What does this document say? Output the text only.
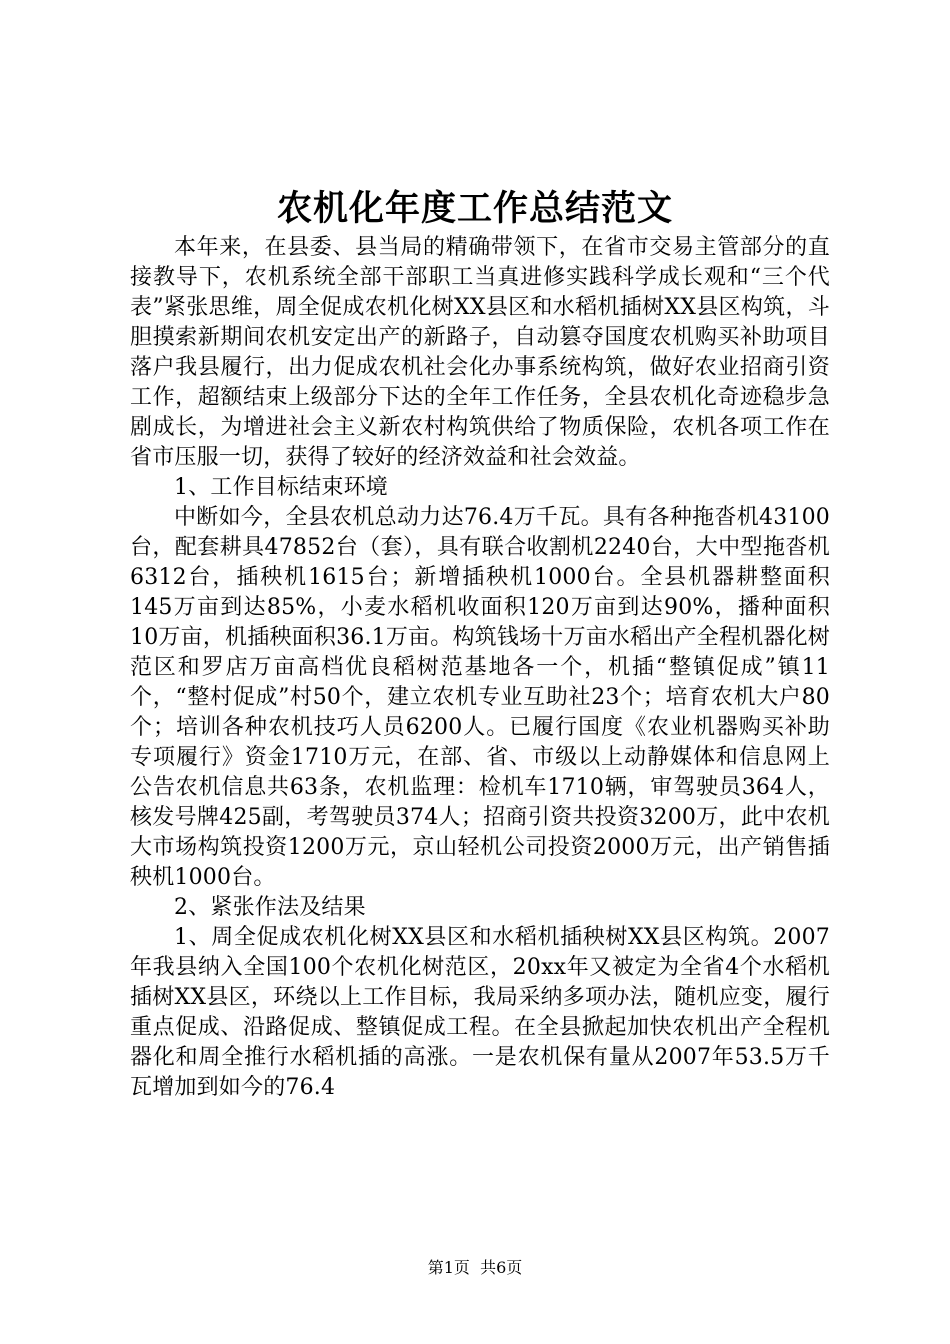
农机化年度工作总结范文

本年来，在县委、县当局的精确带领下，在省市交易主管部分的直接教导下，农机系统全部干部职工当真进修实践科学成长观和“三个代表”紧张思维，周全促成农机化树XX县区和水稻机插树XX县区构筑，斗胆摸索新期间农机安定出产的新路子，自动篡夺国度农机购买补助项目落户我县履行，出力促成农机社会化办事系统构筑，做好农业招商引资工作，超额结束上级部分下达的全年工作任务，全县农机化奇迹稳步急剧成长，为增进社会主义新农村构筑供给了物质保险，农机各项工作在省市压服一切，获得了较好的经济效益和社会效益。

1、工作目标结束环境

中断如今，全县农机总动力达76.4万千瓦。具有各种拖沓机43100台，配套耕具47852台（套），具有联合收割机2240台，大中型拖沓机6312台，插秧机1615台；新增插秧机1000台。全县机器耕整面积145万亩到达85%，小麦水稻机收面积120万亩到达90%，播种面积10万亩，机插秧面积36.1万亩。构筑钱场十万亩水稻出产全程机器化树范区和罗店万亩高档优良稻树范基地各一个，机插“整镇促成”镇11个，“整村促成”村50个，建立农机专业互助社23个；培育农机大户80个；培训各种农机技巧人员6200人。已履行国度《农业机器购买补助专项履行》资金1710万元，在部、省、市级以上动静媒体和信息网上公告农机信息共63条，农机监理：检机车1710辆，审驾驶员364人，核发号牌425副，考驾驶员374人；招商引资共投资3200万，此中农机大市场构筑投资1200万元，京山轻机公司投资2000万元，出产销售插秧机1000台。

2、紧张作法及结果

1、周全促成农机化树XX县区和水稻机插秧树XX县区构筑。2007年我县纳入全国100个农机化树范区，20xx年又被定为全省4个水稻机插树XX县区，环绕以上工作目标，我局采纳多项办法，随机应变，履行重点促成、沿路促成、整镇促成工程。在全县掀起加快农机出产全程机器化和周全推行水稻机插的高涨。一是农机保有量从2007年53.5万千瓦增加到如今的76.4

第1页 共6页
